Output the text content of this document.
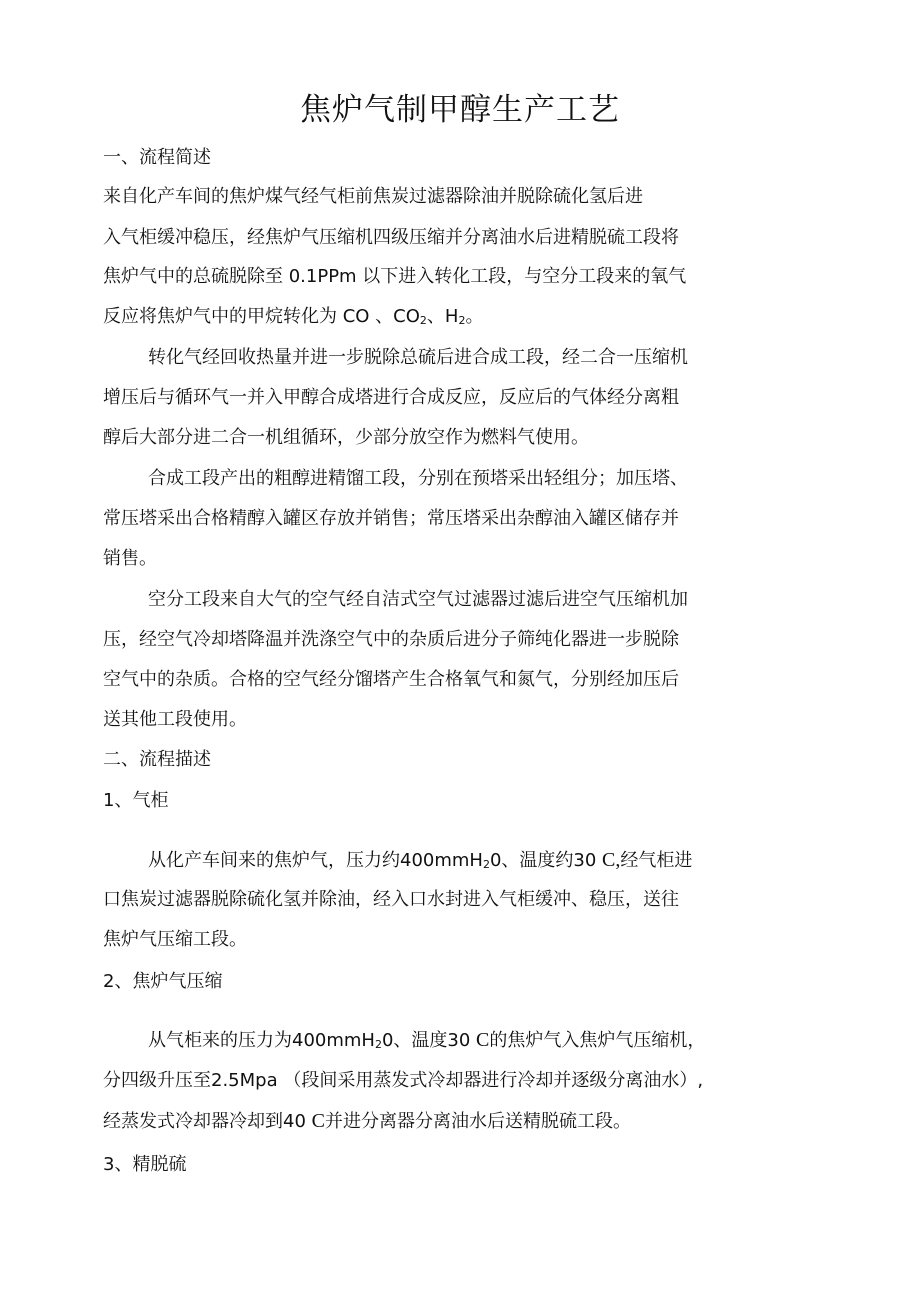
焦炉气制甲醇生产工艺
一、流程简述
来自化产车间的焦炉煤气经气柜前焦炭过滤器除油并脱除硫化氢后进
入气柜缓冲稳压，经焦炉气压缩机四级压缩并分离油水后进精脱硫工段将
焦炉气中的总硫脱除至 0.1PPm 以下进入转化工段，与空分工段来的氧气
反应将焦炉气中的甲烷转化为 CO 、$CO_2$、$H_2$。
转化气经回收热量并进一步脱除总硫后进合成工段，经二合一压缩机
增压后与循环气一并入甲醇合成塔进行合成反应，反应后的气体经分离粗
醇后大部分进二合一机组循环，少部分放空作为燃料气使用。
合成工段产出的粗醇进精馏工段，分别在预塔采出轻组分；加压塔、
常压塔采出合格精醇入罐区存放并销售；常压塔采出杂醇油入罐区储存并
销售。
空分工段来自大气的空气经自洁式空气过滤器过滤后进空气压缩机加
压，经空气冷却塔降温并洗涤空气中的杂质后进分子筛纯化器进一步脱除
空气中的杂质。合格的空气经分馏塔产生合格氧气和氮气，分别经加压后
送其他工段使用。
二、流程描述
1、气柜
从化产车间来的焦炉气，压力约400mmH$_2$0、温度约30 C,经气柜进
口焦炭过滤器脱除硫化氢并除油，经入口水封进入气柜缓冲、稳压，送往
焦炉气压缩工段。
2、焦炉气压缩
从气柜来的压力为400mmH$_2$0、温度30 C的焦炉气入焦炉气压缩机，
分四级升压至2.5Mpa （段间采用蒸发式冷却器进行冷却并逐级分离油水）,
经蒸发式冷却器冷却到40 C并进分离器分离油水后送精脱硫工段。
3、精脱硫
